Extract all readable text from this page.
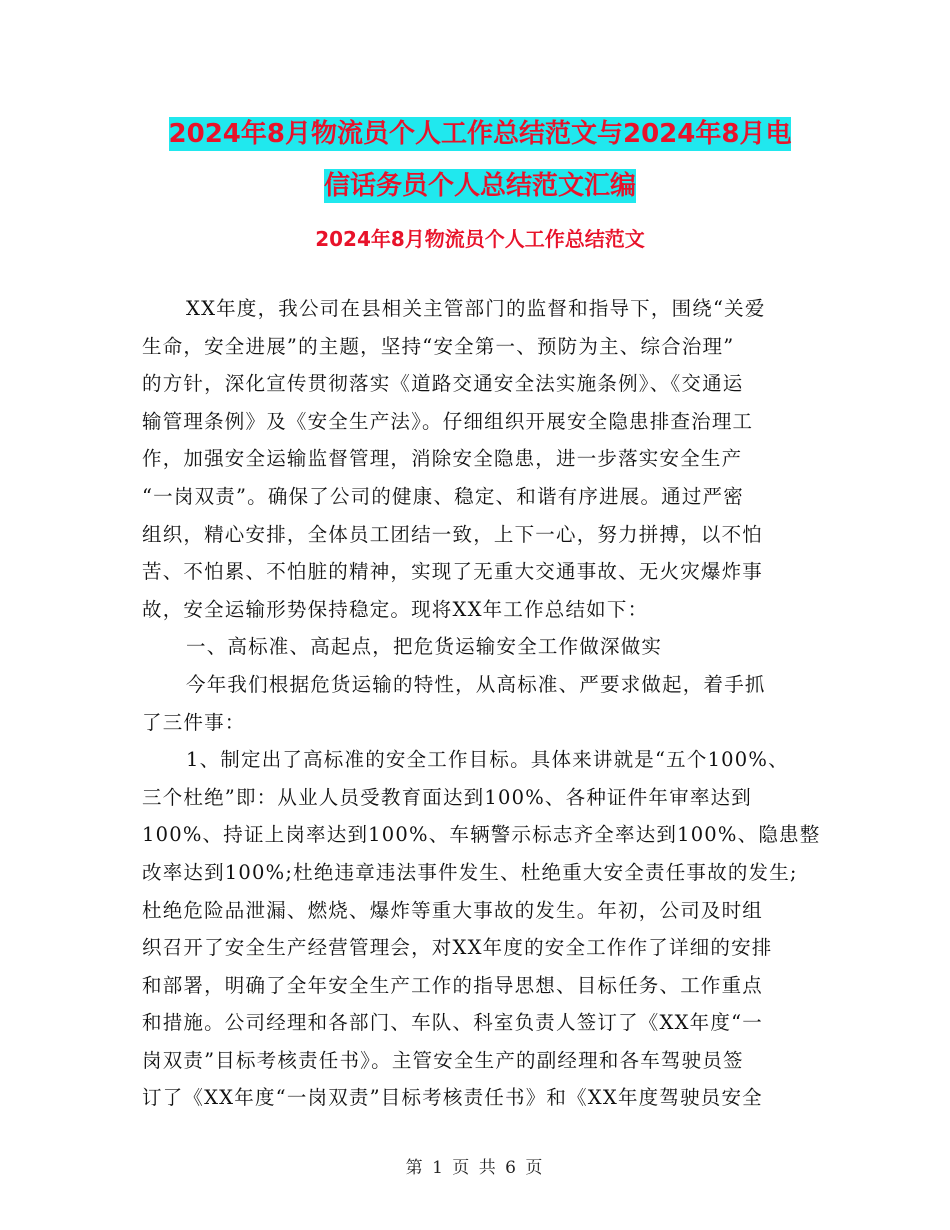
2024年8月物流员个人工作总结范文与2024年8月电
信话务员个人总结范文汇编
2024年8月物流员个人工作总结范文
XX年度，我公司在县相关主管部门的监督和指导下，围绕“关爱
生命，安全进展”的主题，坚持“安全第一、预防为主、综合治理”
的方针，深化宣传贯彻落实《道路交通安全法实施条例》、《交通运
输管理条例》及《安全生产法》。仔细组织开展安全隐患排查治理工
作，加强安全运输监督管理，消除安全隐患，进一步落实安全生产
“一岗双责”。确保了公司的健康、稳定、和谐有序进展。通过严密
组织，精心安排，全体员工团结一致，上下一心，努力拼搏，以不怕
苦、不怕累、不怕脏的精神，实现了无重大交通事故、无火灾爆炸事
故，安全运输形势保持稳定。现将XX年工作总结如下：
一、高标准、高起点，把危货运输安全工作做深做实
今年我们根据危货运输的特性，从高标准、严要求做起，着手抓
了三件事：
1、制定出了高标准的安全工作目标。具体来讲就是“五个100%、
三个杜绝”即：从业人员受教育面达到100%、各种证件年审率达到
100%、持证上岗率达到100%、车辆警示标志齐全率达到100%、隐患整
改率达到100%;杜绝违章违法事件发生、杜绝重大安全责任事故的发生;
杜绝危险品泄漏、燃烧、爆炸等重大事故的发生。年初，公司及时组
织召开了安全生产经营管理会，对XX年度的安全工作作了详细的安排
和部署，明确了全年安全生产工作的指导思想、目标任务、工作重点
和措施。公司经理和各部门、车队、科室负责人签订了《XX年度“一
岗双责”目标考核责任书》。主管安全生产的副经理和各车驾驶员签
订了《XX年度“一岗双责”目标考核责任书》和《XX年度驾驶员安全
第 1 页 共 6 页
